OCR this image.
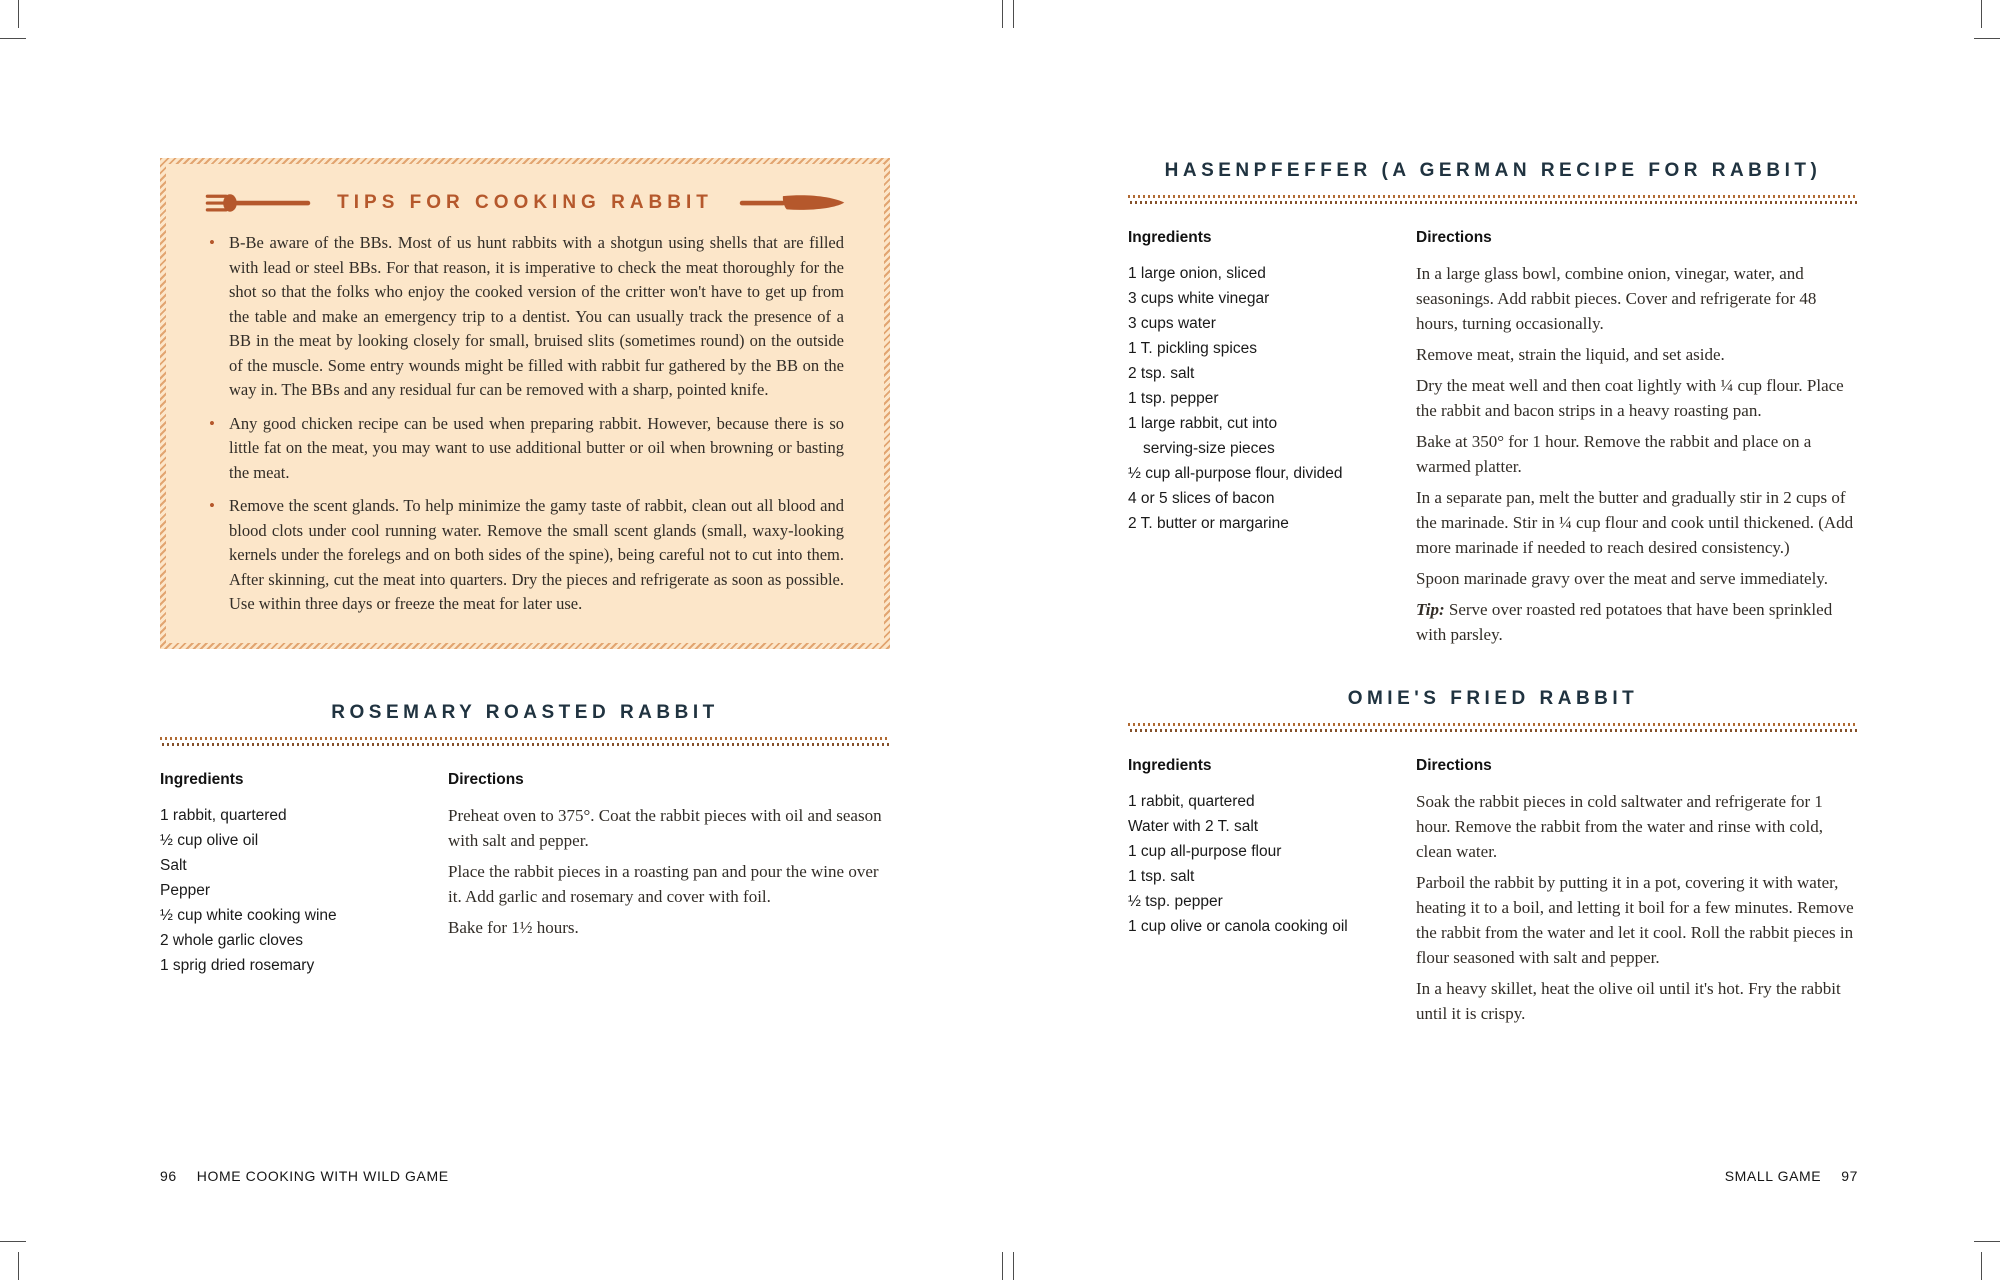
TIPS FOR COOKING RABBIT
• B-Be aware of the BBs. Most of us hunt rabbits with a shotgun using shells that are filled with lead or steel BBs. For that reason, it is imperative to check the meat thoroughly for the shot so that the folks who enjoy the cooked version of the critter won't have to get up from the table and make an emergency trip to a dentist. You can usually track the presence of a BB in the meat by looking closely for small, bruised slits (sometimes round) on the outside of the muscle. Some entry wounds might be filled with rabbit fur gathered by the BB on the way in. The BBs and any residual fur can be removed with a sharp, pointed knife.
• Any good chicken recipe can be used when preparing rabbit. However, because there is so little fat on the meat, you may want to use additional butter or oil when browning or basting the meat.
• Remove the scent glands. To help minimize the gamy taste of rabbit, clean out all blood and blood clots under cool running water. Remove the small scent glands (small, waxy-looking kernels under the forelegs and on both sides of the spine), being careful not to cut into them. After skinning, cut the meat into quarters. Dry the pieces and refrigerate as soon as possible. Use within three days or freeze the meat for later use.
ROSEMARY ROASTED RABBIT
Ingredients
1 rabbit, quartered
½ cup olive oil
Salt
Pepper
½ cup white cooking wine
2 whole garlic cloves
1 sprig dried rosemary
Directions

Preheat oven to 375°. Coat the rabbit pieces with oil and season with salt and pepper.

Place the rabbit pieces in a roasting pan and pour the wine over it. Add garlic and rosemary and cover with foil.

Bake for 1½ hours.

96 HOME COOKING WITH WILD GAME
HASENPFEFFER (A GERMAN RECIPE FOR RABBIT)
Ingredients
1 large onion, sliced
3 cups white vinegar
3 cups water
1 T. pickling spices
2 tsp. salt
1 tsp. pepper
1 large rabbit, cut into
serving-size pieces
½ cup all-purpose flour, divided
4 or 5 slices of bacon
2 T. butter or margarine
Directions

In a large glass bowl, combine onion, vinegar, water, and seasonings. Add rabbit pieces. Cover and refrigerate for 48 hours, turning occasionally.

Remove meat, strain the liquid, and set aside.

Dry the meat well and then coat lightly with ¼ cup flour. Place the rabbit and bacon strips in a heavy roasting pan.

Bake at 350° for 1 hour. Remove the rabbit and place on a warmed platter.

In a separate pan, melt the butter and gradually stir in 2 cups of the marinade. Stir in ¼ cup flour and cook until thickened. (Add more marinade if needed to reach desired consistency.)

Spoon marinade gravy over the meat and serve immediately.

Tip: Serve over roasted red potatoes that have been sprinkled with parsley.

OMIE'S FRIED RABBIT
Ingredients
1 rabbit, quartered
Water with 2 T. salt
1 cup all-purpose flour
1 tsp. salt
½ tsp. pepper
1 cup olive or canola cooking oil
Directions

Soak the rabbit pieces in cold saltwater and refrigerate for 1 hour. Remove the rabbit from the water and rinse with cold, clean water.

Parboil the rabbit by putting it in a pot, covering it with water, heating it to a boil, and letting it boil for a few minutes. Remove the rabbit from the water and let it cool. Roll the rabbit pieces in flour seasoned with salt and pepper.

In a heavy skillet, heat the olive oil until it's hot. Fry the rabbit until it is crispy.

SMALL GAME 97
